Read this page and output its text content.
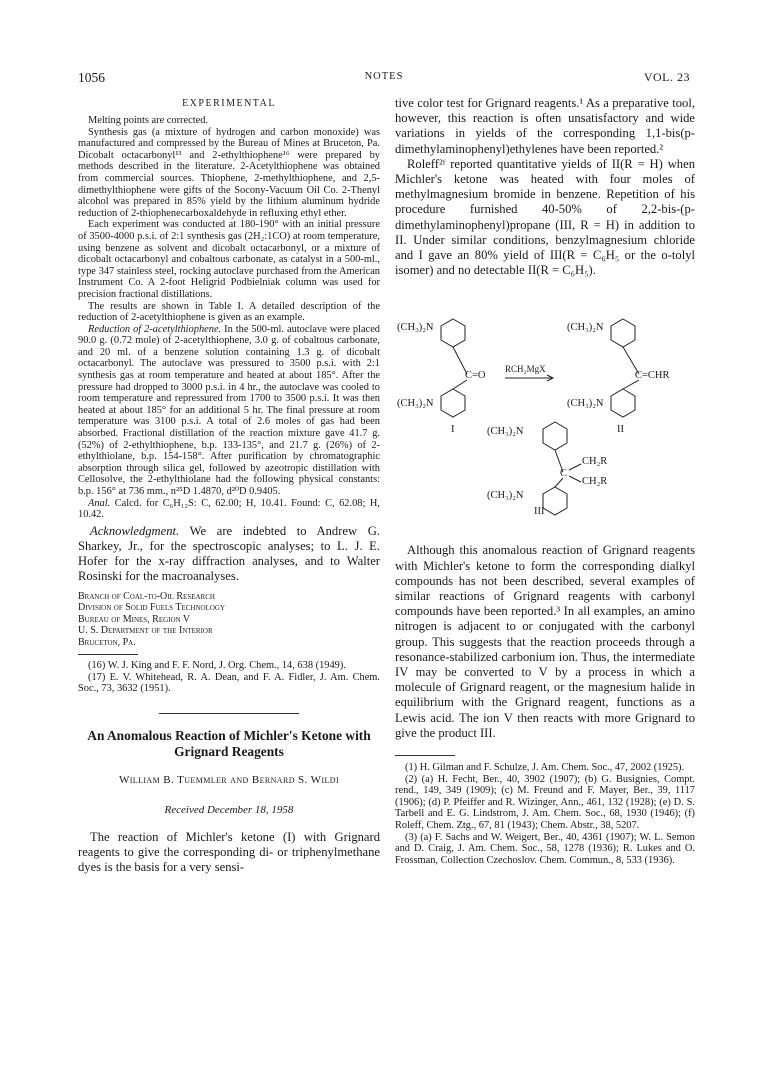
1056	NOTES	VOL. 23
EXPERIMENTAL

Melting points are corrected.

Synthesis gas (a mixture of hydrogen and carbon monoxide) was manufactured and compressed by the Bureau of Mines at Bruceton, Pa. Dicobalt octacarbonyl¹³ and 2-ethylthiophene¹⁶ were prepared by methods described in the literature. 2-Acetylthiophene was obtained from commercial sources. Thiophene, 2-methylthiophene, and 2,5-dimethylthiophene were gifts of the Socony-Vacuum Oil Co. 2-Thenyl alcohol was prepared in 85% yield by the lithium aluminum hydride reduction of 2-thiophenecarboxaldehyde in refluxing ethyl ether.

Each experiment was conducted at 180-190° with an initial pressure of 3500-4000 p.s.i. of 2:1 synthesis gas (2H₂:1CO) at room temperature, using benzene as solvent and dicobalt octacarbonyl, or a mixture of dicobalt octacarbonyl and cobaltous carbonate, as catalyst in a 500-ml., type 347 stainless steel, rocking autoclave purchased from the American Instrument Co. A 2-foot Heligrid Podbielniak column was used for precision fractional distillations.

The results are shown in Table I. A detailed description of the reduction of 2-acetylthiophene is given as an example.

Reduction of 2-acetylthiophene. In the 500-ml. autoclave were placed 90.0 g. (0.72 mole) of 2-acetylthiophene, 3.0 g. of cobaltous carbonate, and 20 ml. of a benzene solution containing 1.3 g. of dicobalt octacarbonyl. The autoclave was pressured to 3500 p.s.i. with 2:1 synthesis gas at room temperature and heated at about 185°. After the pressure had dropped to 3000 p.s.i. in 4 hr., the autoclave was cooled to room temperature and repressured from 1700 to 3500 p.s.i. It was then heated at about 185° for an additional 5 hr. The final pressure at room temperature was 3100 p.s.i. A total of 2.6 moles of gas had been absorbed. Fractional distillation of the reaction mixture gave 41.7 g. (52%) of 2-ethylthiophene, b.p. 133-135°, and 21.7 g. (26%) of 2-ethylthiolane, b.p. 154-158°. After purification by chromatographic absorption through silica gel, followed by azeotropic distillation with Cellosolve, the 2-ethylthiolane had the following physical constants: b.p. 156° at 736 mm., n²⁵D 1.4870, d²⁰D 0.9405.

Anal. Calcd. for C₆H₁₂S: C, 62.00; H, 10.41. Found: C, 62.08; H, 10.42.

Acknowledgment. We are indebted to Andrew G. Sharkey, Jr., for the spectroscopic analyses; to L. J. E. Hofer for the x-ray diffraction analyses, and to Walter Rosinski for the macroanalyses.

Branch of Coal-to-Oil Research
Division of Solid Fuels Technology
Bureau of Mines, Region V
U. S. Department of the Interior
Bruceton, Pa.

(16) W. J. King and F. F. Nord, J. Org. Chem., 14, 638 (1949).

(17) E. V. Whitehead, R. A. Dean, and F. A. Fidler, J. Am. Chem. Soc., 73, 3632 (1951).

An Anomalous Reaction of Michler's Ketone with Grignard Reagents
William B. Tuemmler and Bernard S. Wildi
Received December 18, 1958

The reaction of Michler's ketone (I) with Grignard reagents to give the corresponding di- or triphenylmethane dyes is the basis for a very sensi-

tive color test for Grignard reagents.¹ As a preparative tool, however, this reaction is often unsatisfactory and wide variations in yields of the corresponding 1,1-bis(p-dimethylaminophenyl)ethylenes have been reported.²

Roleff²ᶠ reported quantitative yields of II(R = H) when Michler's ketone was heated with four moles of methylmagnesium bromide in benzene. Repetition of his procedure furnished 40-50% of 2,2-bis-(p-dimethylaminophenyl)propane (III, R = H) in addition to II. Under similar conditions, benzylmagnesium chloride and I gave an 80% yield of III(R = C₆H₅ or the o-tolyl isomer) and no detectable II(R = C₆H₅).

(CH₃)₂N
(CH₃)₂N
C=O
RCH₂MgX
(CH₃)₂N
(CH₃)₂N
C=CHR
I	II
(CH₃)₂N
(CH₃)₂N
C
CH₂R
CH₂R
III

Although this anomalous reaction of Grignard reagents with Michler's ketone to form the corresponding dialkyl compounds has not been described, several examples of similar reactions of Grignard reagents with carbonyl compounds have been reported.³ In all examples, an amino nitrogen is adjacent to or conjugated with the carbonyl group. This suggests that the reaction proceeds through a resonance-stabilized carbonium ion. Thus, the intermediate IV may be converted to V by a process in which a molecule of Grignard reagent, or the magnesium halide in equilibrium with the Grignard reagent, functions as a Lewis acid. The ion V then reacts with more Grignard to give the product III.

(1) H. Gilman and F. Schulze, J. Am. Chem. Soc., 47, 2002 (1925).

(2) (a) H. Fecht, Ber., 40, 3902 (1907); (b) G. Busignies, Compt. rend., 149, 349 (1909); (c) M. Freund and F. Mayer, Ber., 39, 1117 (1906); (d) P. Pfeiffer and R. Wizinger, Ann., 461, 132 (1928); (e) D. S. Tarbell and E. G. Lindstrom, J. Am. Chem. Soc., 68, 1930 (1946); (f) Roleff, Chem. Ztg., 67, 81 (1943); Chem. Abstr., 38, 5207.

(3) (a) F. Sachs and W. Weigert, Ber., 40, 4361 (1907); W. L. Semon and D. Craig, J. Am. Chem. Soc., 58, 1278 (1936); R. Lukes and O. Frossman, Collection Czechoslov. Chem. Commun., 8, 533 (1936).
